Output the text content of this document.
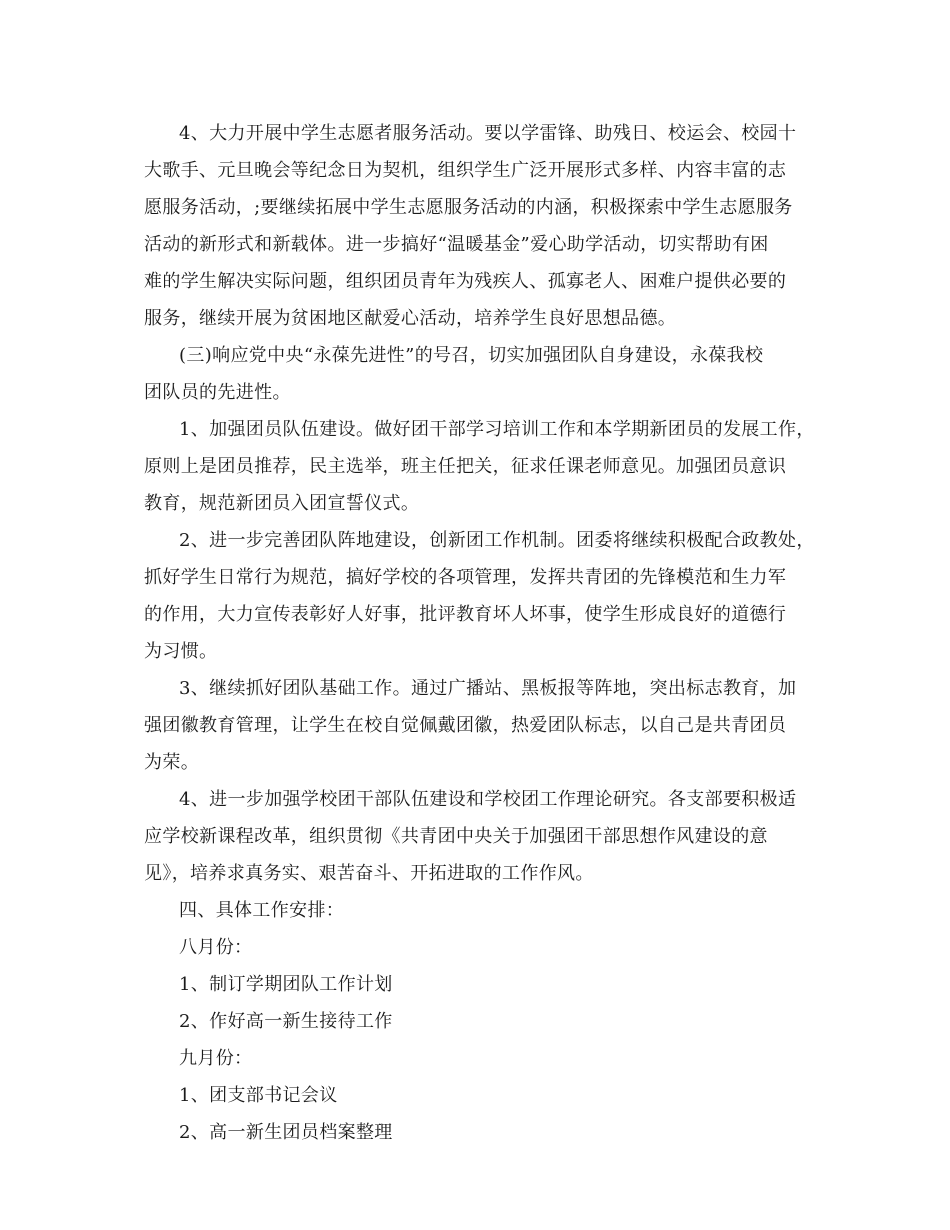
4、大力开展中学生志愿者服务活动。要以学雷锋、助残日、校运会、校园十

大歌手、元旦晚会等纪念日为契机，组织学生广泛开展形式多样、内容丰富的志

愿服务活动，;要继续拓展中学生志愿服务活动的内涵，积极探索中学生志愿服务

活动的新形式和新载体。进一步搞好“温暖基金”爱心助学活动，切实帮助有困

难的学生解决实际问题，组织团员青年为残疾人、孤寡老人、困难户提供必要的

服务，继续开展为贫困地区献爱心活动，培养学生良好思想品德。

(三)响应党中央“永葆先进性”的号召，切实加强团队自身建设，永葆我校

团队员的先进性。

1、加强团员队伍建设。做好团干部学习培训工作和本学期新团员的发展工作，

原则上是团员推荐，民主选举，班主任把关，征求任课老师意见。加强团员意识

教育，规范新团员入团宣誓仪式。

2、进一步完善团队阵地建设，创新团工作机制。团委将继续积极配合政教处，

抓好学生日常行为规范，搞好学校的各项管理，发挥共青团的先锋模范和生力军

的作用，大力宣传表彰好人好事，批评教育坏人坏事，使学生形成良好的道德行

为习惯。

3、继续抓好团队基础工作。通过广播站、黑板报等阵地，突出标志教育，加

强团徽教育管理，让学生在校自觉佩戴团徽，热爱团队标志，以自己是共青团员

为荣。

4、进一步加强学校团干部队伍建设和学校团工作理论研究。各支部要积极适

应学校新课程改革，组织贯彻《共青团中央关于加强团干部思想作风建设的意

见》，培养求真务实、艰苦奋斗、开拓进取的工作作风。

四、具体工作安排：

八月份：

1、制订学期团队工作计划

2、作好高一新生接待工作

九月份：

1、团支部书记会议

2、高一新生团员档案整理
